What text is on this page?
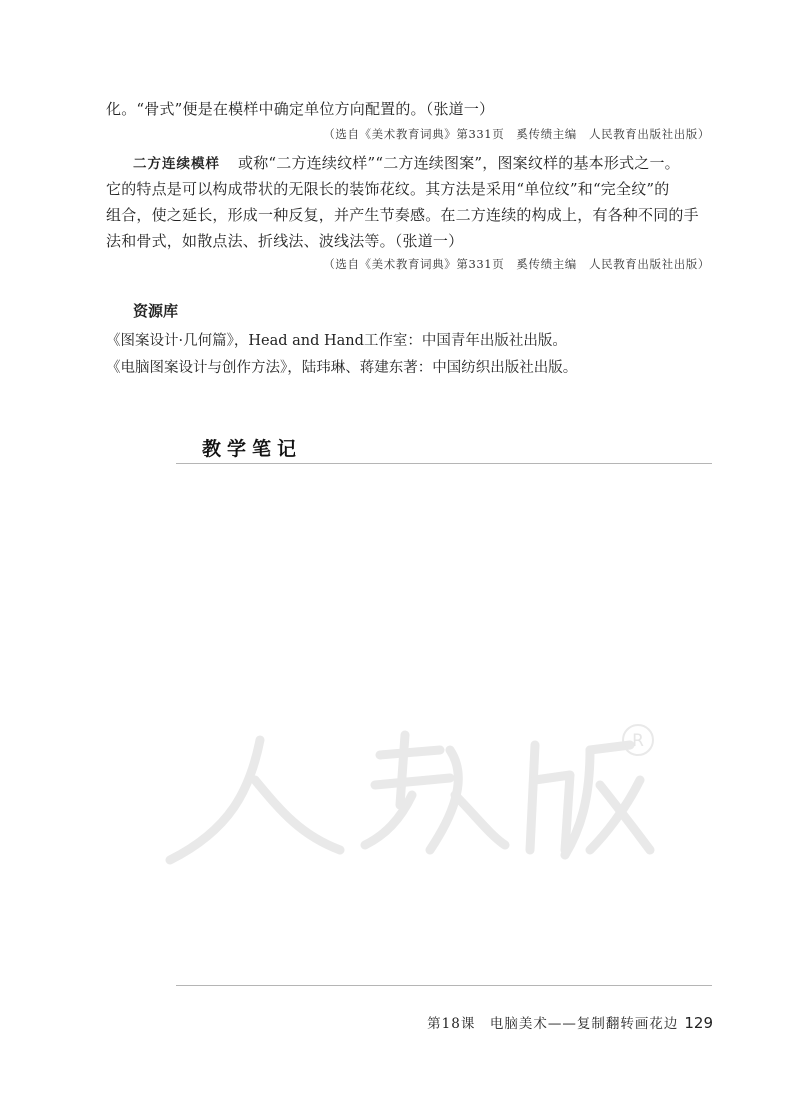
化。“骨式”便是在模样中确定单位方向配置的。（张道一）
（选自《美术教育词典》第331页　奚传绩主编　人民教育出版社出版）
二方连续模样 或称“二方连续纹样”“二方连续图案”，图案纹样的基本形式之一。
它的特点是可以构成带状的无限长的装饰花纹。其方法是采用“单位纹”和“完全纹”的
组合，使之延长，形成一种反复，并产生节奏感。在二方连续的构成上，有各种不同的手
法和骨式，如散点法、折线法、波线法等。（张道一）
（选自《美术教育词典》第331页　奚传绩主编　人民教育出版社出版）
资源库
《图案设计·几何篇》，Head and Hand工作室：中国青年出版社出版。
《电脑图案设计与创作方法》，陆玮琳、蒋建东著：中国纺织出版社出版。
教学笔记
R
第18课　电脑美术——复制翻转画花边 129
